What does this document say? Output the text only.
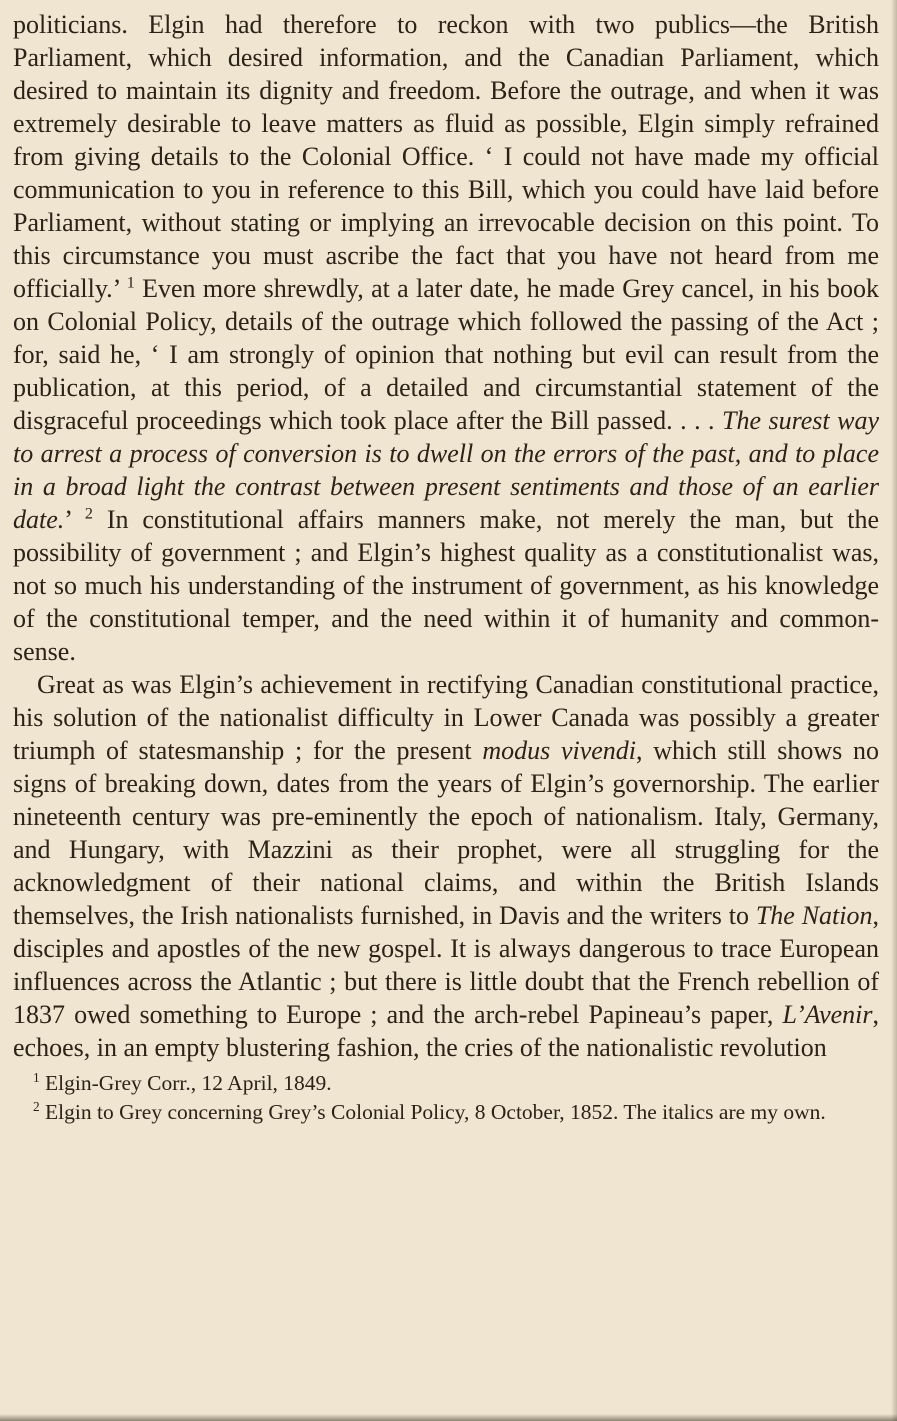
politicians. Elgin had therefore to reckon with two publics—the British Parliament, which desired information, and the Canadian Parliament, which desired to maintain its dignity and freedom. Before the outrage, and when it was extremely desirable to leave matters as fluid as possible, Elgin simply refrained from giving details to the Colonial Office. ‘ I could not have made my official communication to you in reference to this Bill, which you could have laid before Parliament, without stating or implying an irrevocable decision on this point. To this circumstance you must ascribe the fact that you have not heard from me officially.’ $^1$ Even more shrewdly, at a later date, he made Grey cancel, in his book on Colonial Policy, details of the outrage which followed the passing of the Act ; for, said he, ‘ I am strongly of opinion that nothing but evil can result from the publication, at this period, of a detailed and circumstantial statement of the disgraceful proceedings which took place after the Bill passed. . . . The surest way to arrest a process of conversion is to dwell on the errors of the past, and to place in a broad light the contrast between present sentiments and those of an earlier date.’ $^2$ In constitutional affairs manners make, not merely the man, but the possibility of government ; and Elgin’s highest quality as a constitutionalist was, not so much his understanding of the instrument of government, as his knowledge of the constitutional temper, and the need within it of humanity and common-sense.

Great as was Elgin’s achievement in rectifying Canadian constitutional practice, his solution of the nationalist difficulty in Lower Canada was possibly a greater triumph of statesmanship ; for the present modus vivendi, which still shows no signs of breaking down, dates from the years of Elgin’s governorship. The earlier nineteenth century was pre-eminently the epoch of nationalism. Italy, Germany, and Hungary, with Mazzini as their prophet, were all struggling for the acknowledgment of their national claims, and within the British Islands themselves, the Irish nationalists furnished, in Davis and the writers to The Nation, disciples and apostles of the new gospel. It is always dangerous to trace European influences across the Atlantic ; but there is little doubt that the French rebellion of 1837 owed something to Europe ; and the arch-rebel Papineau’s paper, L’Avenir, echoes, in an empty blustering fashion, the cries of the nationalistic revolution

$^1$ Elgin-Grey Corr., 12 April, 1849.

$^2$ Elgin to Grey concerning Grey’s Colonial Policy, 8 October, 1852. The italics are my own.
